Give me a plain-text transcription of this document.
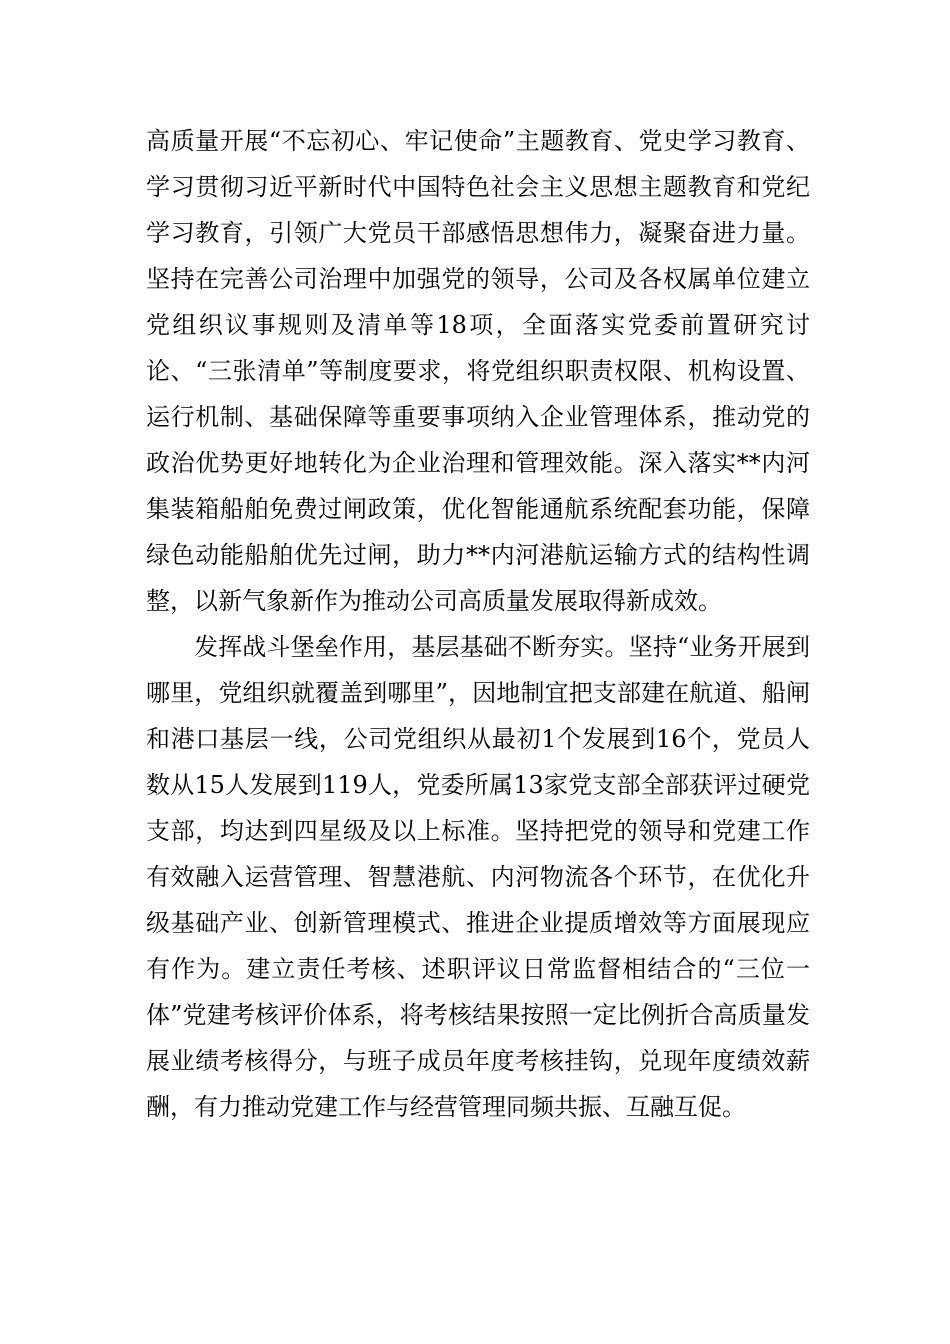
高质量开展“不忘初心、牢记使命”主题教育、党史学习教育、学习贯彻习近平新时代中国特色社会主义思想主题教育和党纪学习教育，引领广大党员干部感悟思想伟力，凝聚奋进力量。坚持在完善公司治理中加强党的领导，公司及各权属单位建立党组织议事规则及清单等18项，全面落实党委前置研究讨论、“三张清单”等制度要求，将党组织职责权限、机构设置、运行机制、基础保障等重要事项纳入企业管理体系，推动党的政治优势更好地转化为企业治理和管理效能。深入落实**内河集装箱船舶免费过闸政策，优化智能通航系统配套功能，保障绿色动能船舶优先过闸，助力**内河港航运输方式的结构性调整，以新气象新作为推动公司高质量发展取得新成效。

发挥战斗堡垒作用，基层基础不断夯实。坚持“业务开展到哪里，党组织就覆盖到哪里”，因地制宜把支部建在航道、船闸和港口基层一线，公司党组织从最初1个发展到16个，党员人数从15人发展到119人，党委所属13家党支部全部获评过硬党支部，均达到四星级及以上标准。坚持把党的领导和党建工作有效融入运营管理、智慧港航、内河物流各个环节，在优化升级基础产业、创新管理模式、推进企业提质增效等方面展现应有作为。建立责任考核、述职评议日常监督相结合的“三位一体”党建考核评价体系，将考核结果按照一定比例折合高质量发展业绩考核得分，与班子成员年度考核挂钩，兑现年度绩效薪酬，有力推动党建工作与经营管理同频共振、互融互促。
